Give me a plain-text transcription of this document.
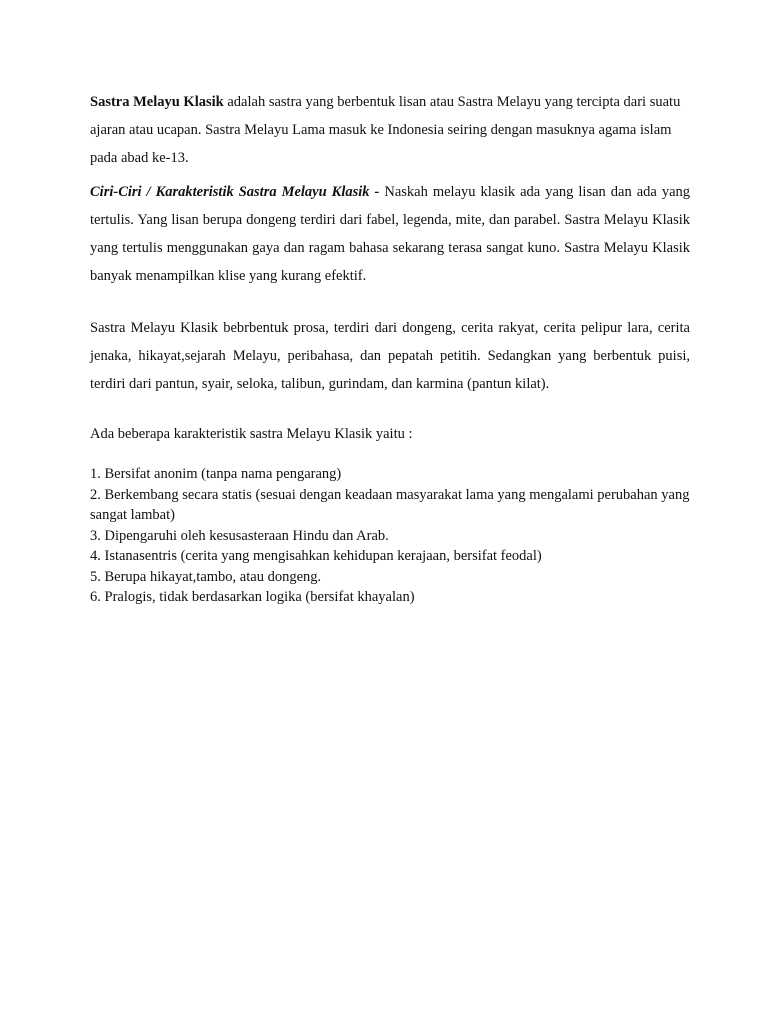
Sastra Melayu Klasik adalah sastra yang berbentuk lisan atau Sastra Melayu yang tercipta dari suatu ajaran atau ucapan. Sastra Melayu Lama masuk ke Indonesia seiring dengan masuknya agama islam pada abad ke-13.

Ciri-Ciri / Karakteristik Sastra Melayu Klasik - Naskah melayu klasik ada yang lisan dan ada yang tertulis. Yang lisan berupa dongeng terdiri dari fabel, legenda, mite, dan parabel. Sastra Melayu Klasik yang tertulis menggunakan gaya dan ragam bahasa sekarang terasa sangat kuno. Sastra Melayu Klasik banyak menampilkan klise yang kurang efektif.

Sastra Melayu Klasik bebrbentuk prosa, terdiri dari dongeng, cerita rakyat, cerita pelipur lara, cerita jenaka, hikayat,sejarah Melayu, peribahasa, dan pepatah petitih. Sedangkan yang berbentuk puisi, terdiri dari pantun, syair, seloka, talibun, gurindam, dan karmina (pantun kilat).

Ada beberapa karakteristik sastra Melayu Klasik yaitu :

1. Bersifat anonim (tanpa nama pengarang)
2. Berkembang secara statis (sesuai dengan keadaan masyarakat lama yang mengalami perubahan yang sangat lambat)
3. Dipengaruhi oleh kesusasteraan Hindu dan Arab.
4. Istanasentris (cerita yang mengisahkan kehidupan kerajaan, bersifat feodal)
5. Berupa hikayat,tambo, atau dongeng.
6. Pralogis, tidak berdasarkan logika (bersifat khayalan)
